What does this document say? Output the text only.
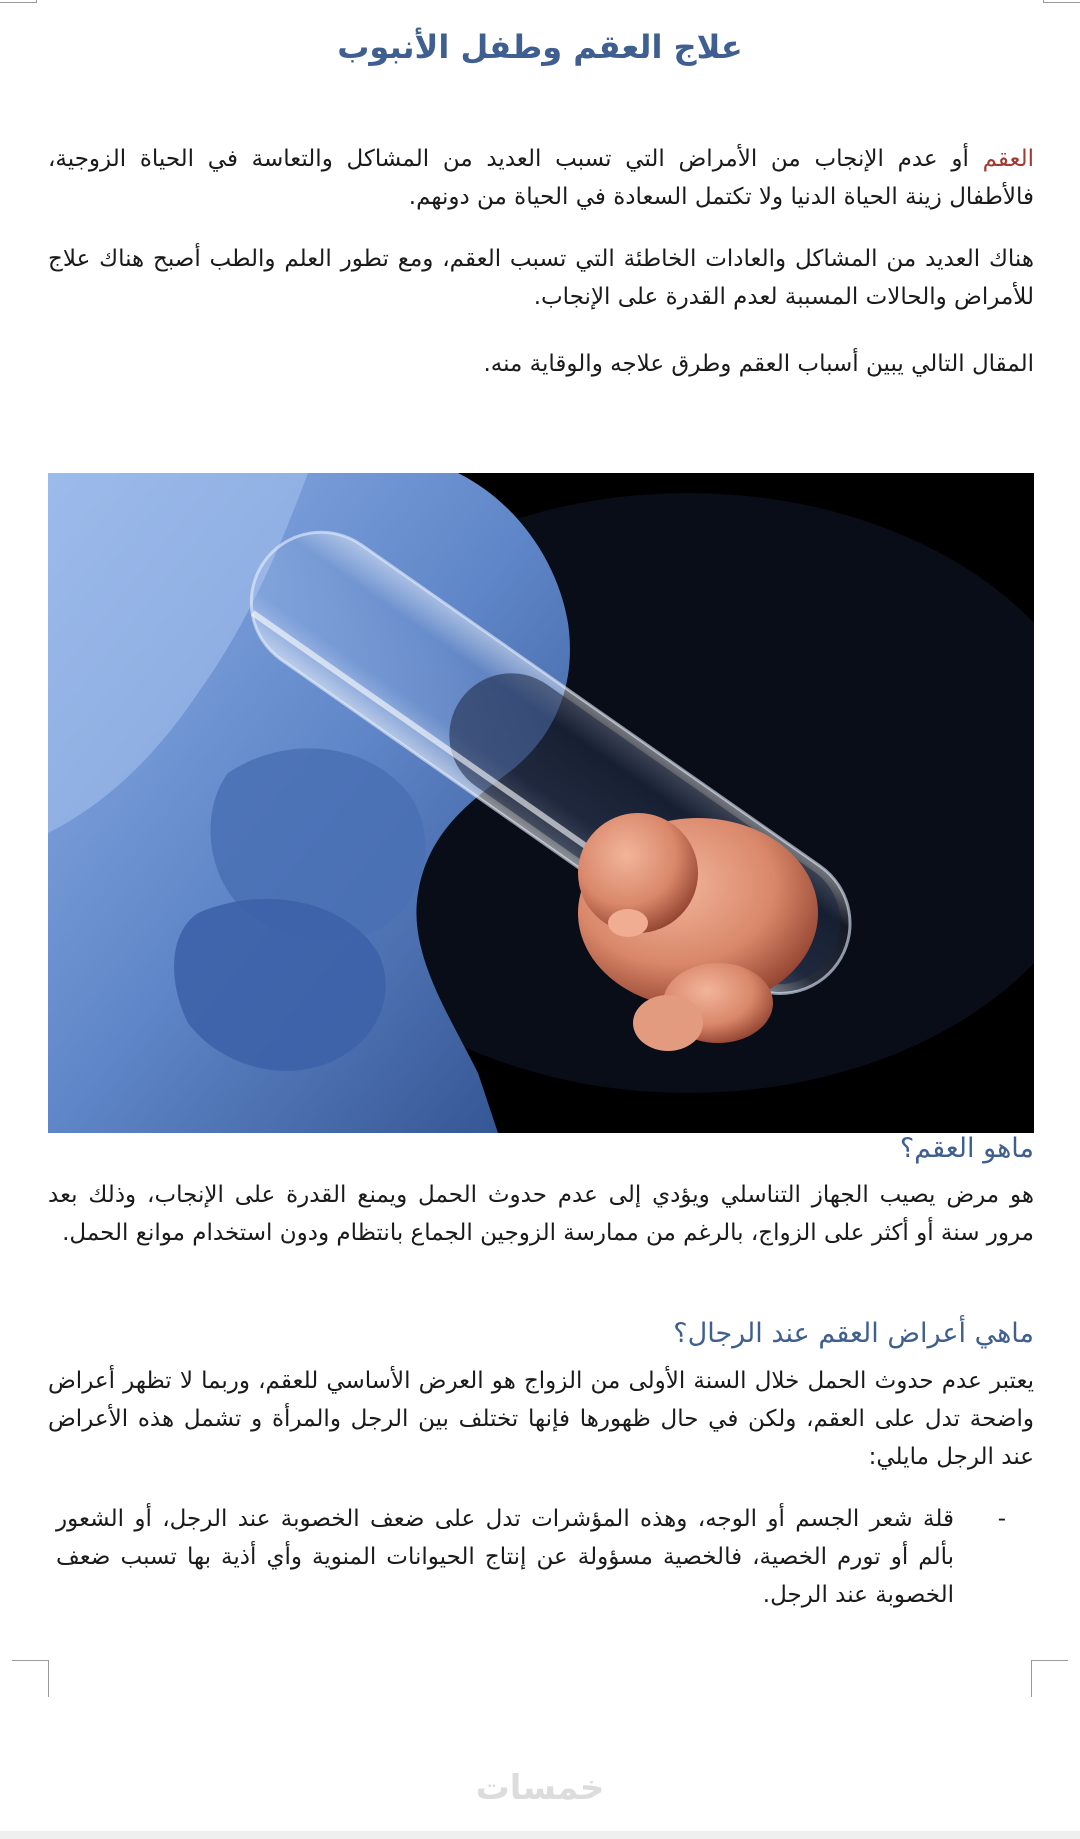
علاج العقم وطفل الأنبوب

العقم أو عدم الإنجاب من الأمراض التي تسبب العديد من المشاكل والتعاسة في الحياة الزوجية، فالأطفال زينة الحياة الدنيا ولا تكتمل السعادة في الحياة من دونهم.

هناك العديد من المشاكل والعادات الخاطئة التي تسبب العقم، ومع تطور العلم والطب أصبح هناك علاج للأمراض والحالات المسببة لعدم القدرة على الإنجاب.

المقال التالي يبين أسباب العقم وطرق علاجه والوقاية منه.

ماهو العقم؟

هو مرض يصيب الجهاز التناسلي ويؤدي إلى عدم حدوث الحمل ويمنع القدرة على الإنجاب، وذلك بعد مرور سنة أو أكثر على الزواج، بالرغم من ممارسة الزوجين الجماع بانتظام ودون استخدام موانع الحمل.

ماهي أعراض العقم عند الرجال؟

يعتبر عدم حدوث الحمل خلال السنة الأولى من الزواج هو العرض الأساسي للعقم، وربما لا تظهر أعراض واضحة تدل على العقم، ولكن في حال ظهورها فإنها تختلف بين الرجل والمرأة و تشمل هذه الأعراض عند الرجل مايلي:

-
قلة شعر الجسم أو الوجه، وهذه المؤشرات تدل على ضعف الخصوبة عند الرجل، أو الشعور بألم أو تورم الخصية، فالخصية مسؤولة عن إنتاج الحيوانات المنوية وأي أذية بها تسبب ضعف الخصوبة عند الرجل.
خمسات
